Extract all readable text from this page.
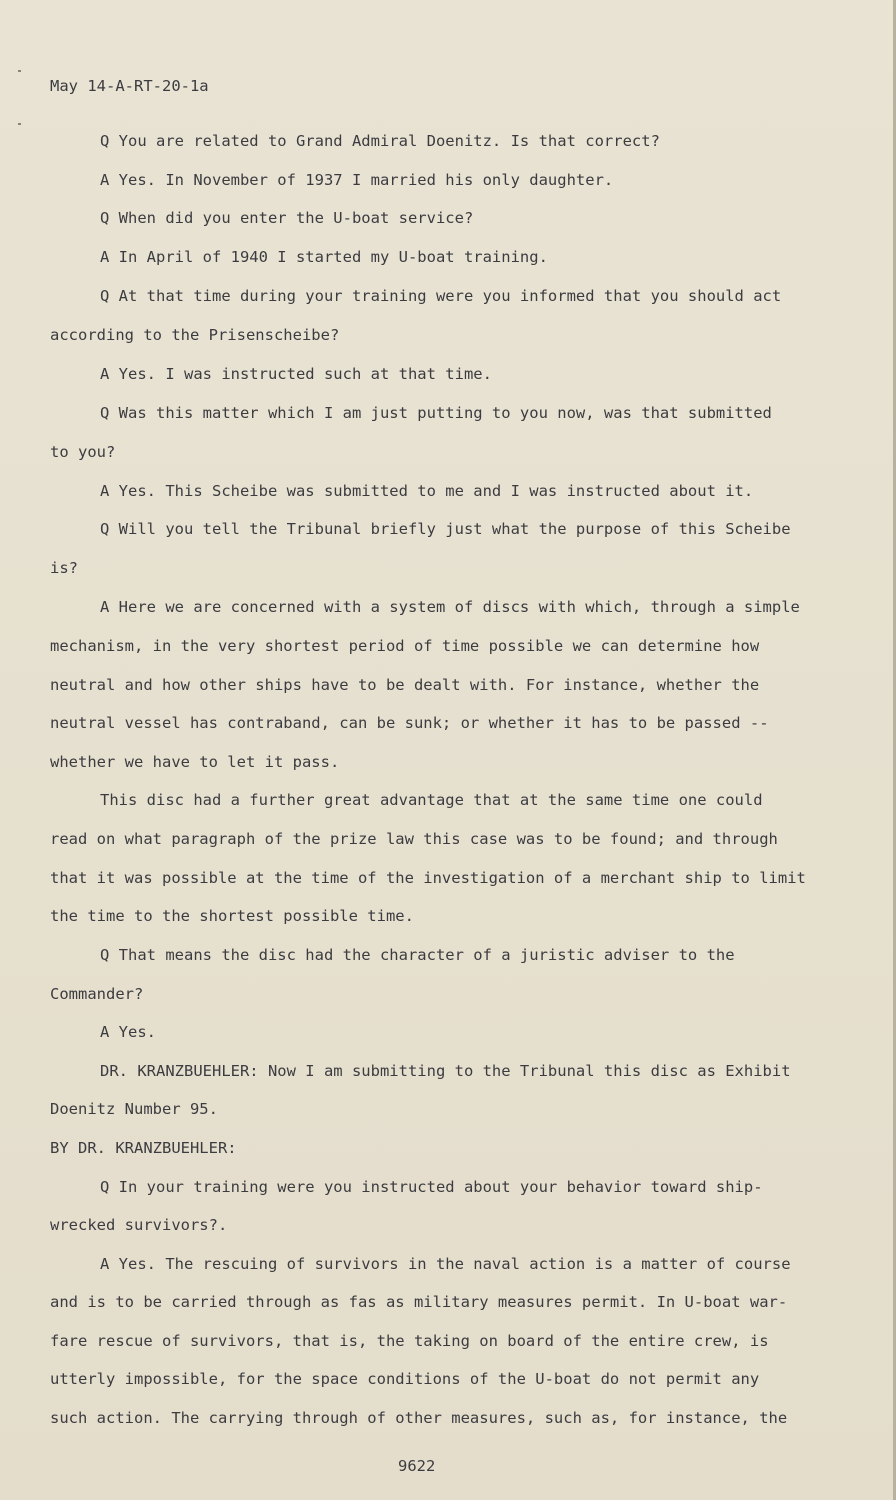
May 14-A-RT-20-1a
Q You are related to Grand Admiral Doenitz. Is that correct?
A Yes. In November of 1937 I married his only daughter.
Q When did you enter the U-boat service?
A In April of 1940 I started my U-boat training.
Q At that time during your training were you informed that you should act
according to the Prisenscheibe?
A Yes. I was instructed such at that time.
Q Was this matter which I am just putting to you now, was that submitted
to you?
A Yes. This Scheibe was submitted to me and I was instructed about it.
Q Will you tell the Tribunal briefly just what the purpose of this Scheibe
is?
A Here we are concerned with a system of discs with which, through a simple
mechanism, in the very shortest period of time possible we can determine how
neutral and how other ships have to be dealt with. For instance, whether the
neutral vessel has contraband, can be sunk; or whether it has to be passed --
whether we have to let it pass.
This disc had a further great advantage that at the same time one could
read on what paragraph of the prize law this case was to be found; and through
that it was possible at the time of the investigation of a merchant ship to limit
the time to the shortest possible time.
Q That means the disc had the character of a juristic adviser to the
Commander?
A Yes.
DR. KRANZBUEHLER: Now I am submitting to the Tribunal this disc as Exhibit
Doenitz Number 95.
BY DR. KRANZBUEHLER:
Q In your training were you instructed about your behavior toward ship-
wrecked survivors?.
A Yes. The rescuing of survivors in the naval action is a matter of course
and is to be carried through as fas as military measures permit. In U-boat war-
fare rescue of survivors, that is, the taking on board of the entire crew, is
utterly impossible, for the space conditions of the U-boat do not permit any
such action. The carrying through of other measures, such as, for instance, the
9622
